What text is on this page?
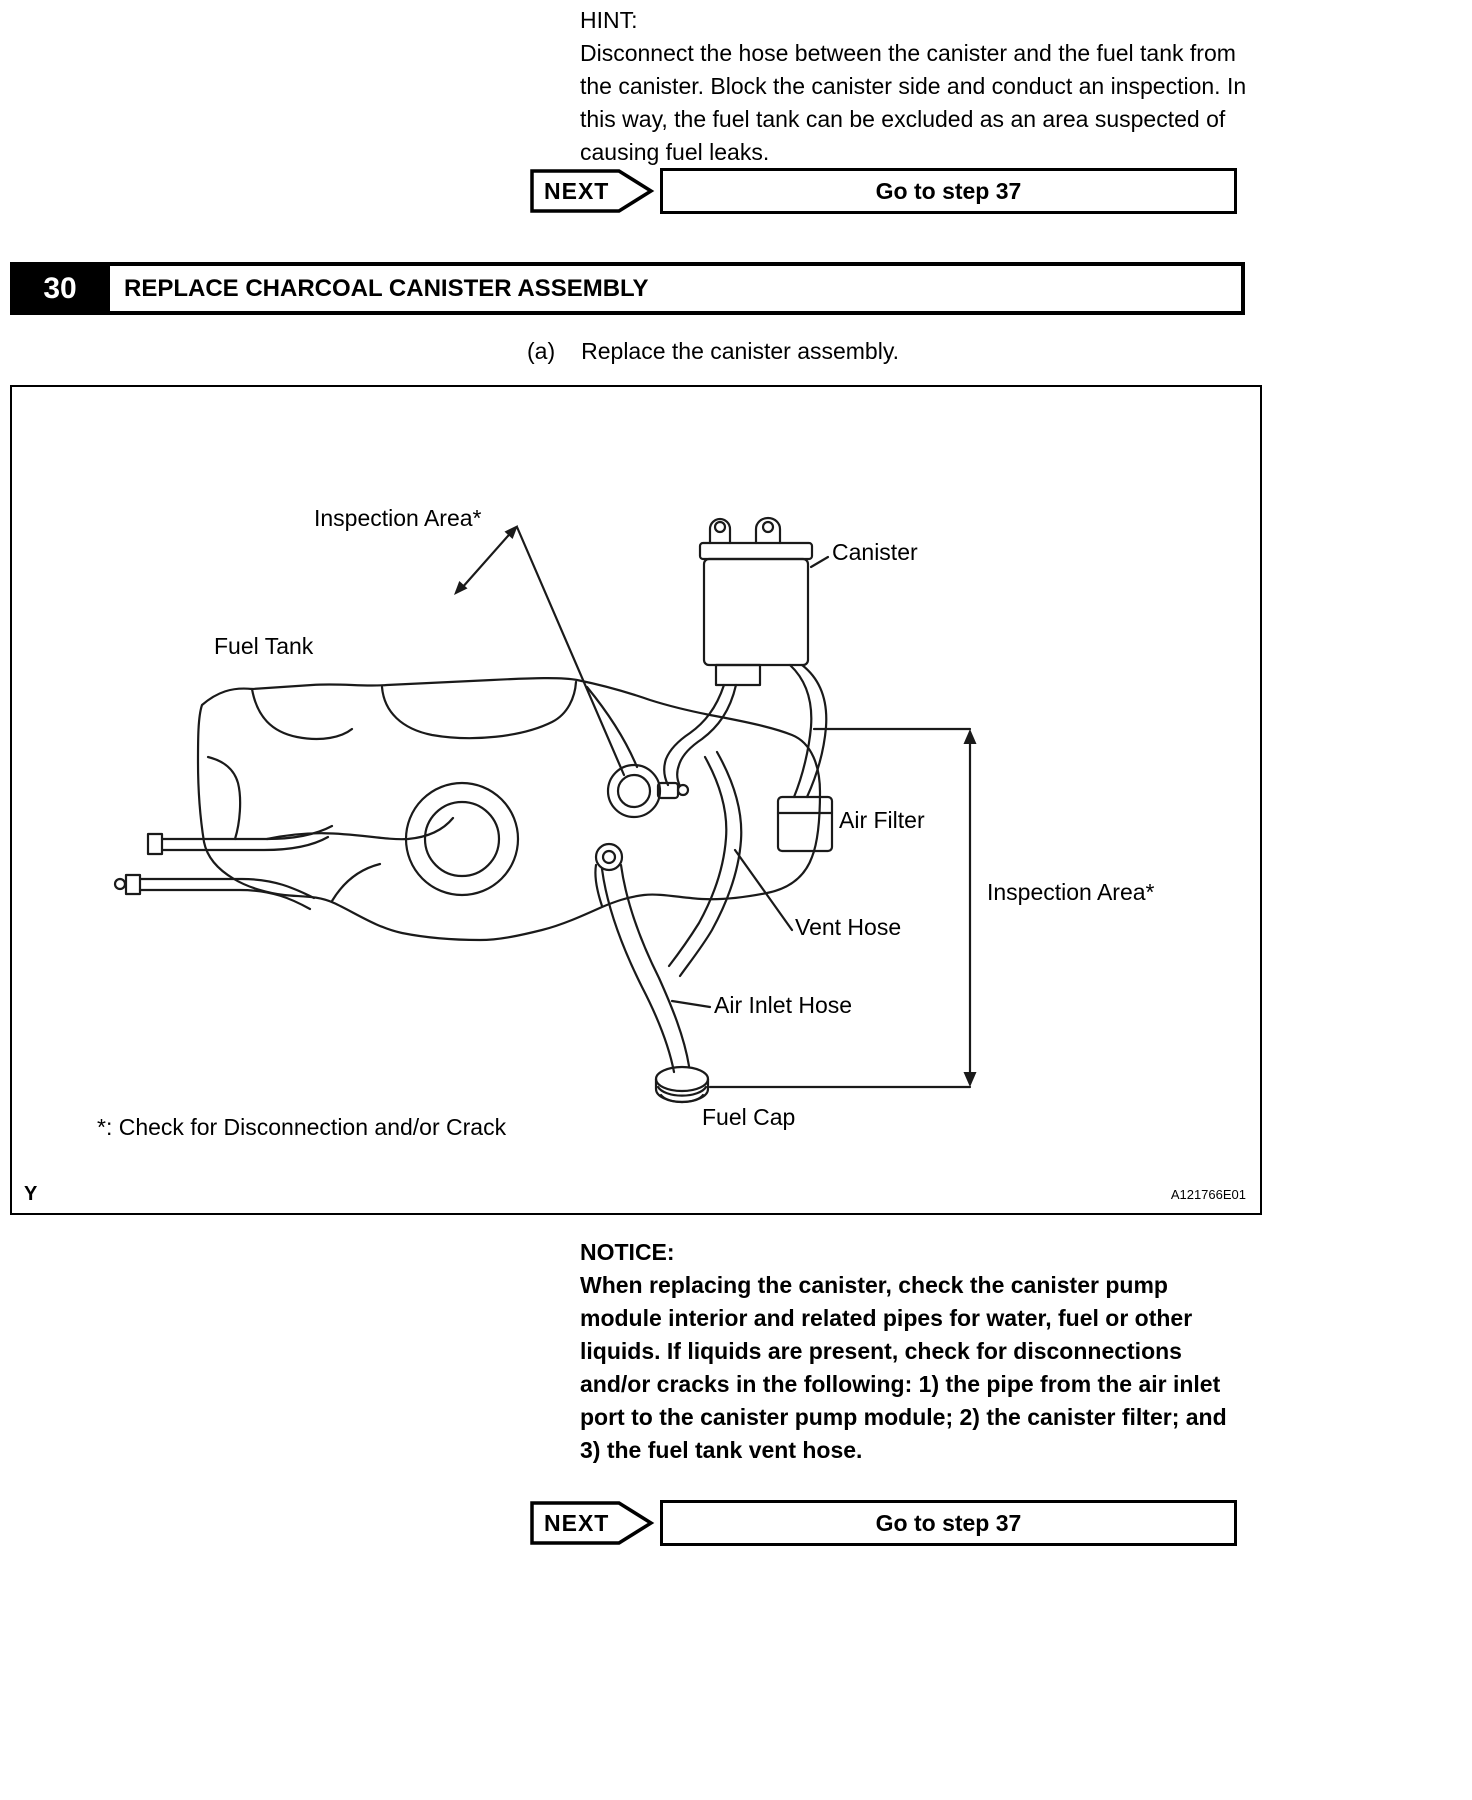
HINT:
Disconnect the hose between the canister and the fuel tank from the canister. Block the canister side and conduct an inspection. In this way, the fuel tank can be excluded as an area suspected of causing fuel leaks.
NEXT	Go to step 37
30	REPLACE CHARCOAL CANISTER ASSEMBLY
(a) Replace the canister assembly.
Inspection Area*
Canister
Fuel Tank
Air Filter
Inspection Area*
Vent Hose
Air Inlet Hose
Fuel Cap
*: Check for Disconnection and/or Crack
Y	A121766E01
NOTICE:
When replacing the canister, check the canister pump module interior and related pipes for water, fuel or other liquids. If liquids are present, check for disconnections and/or cracks in the following: 1) the pipe from the air inlet port to the canister pump module; 2) the canister filter; and 3) the fuel tank vent hose.
NEXT	Go to step 37
